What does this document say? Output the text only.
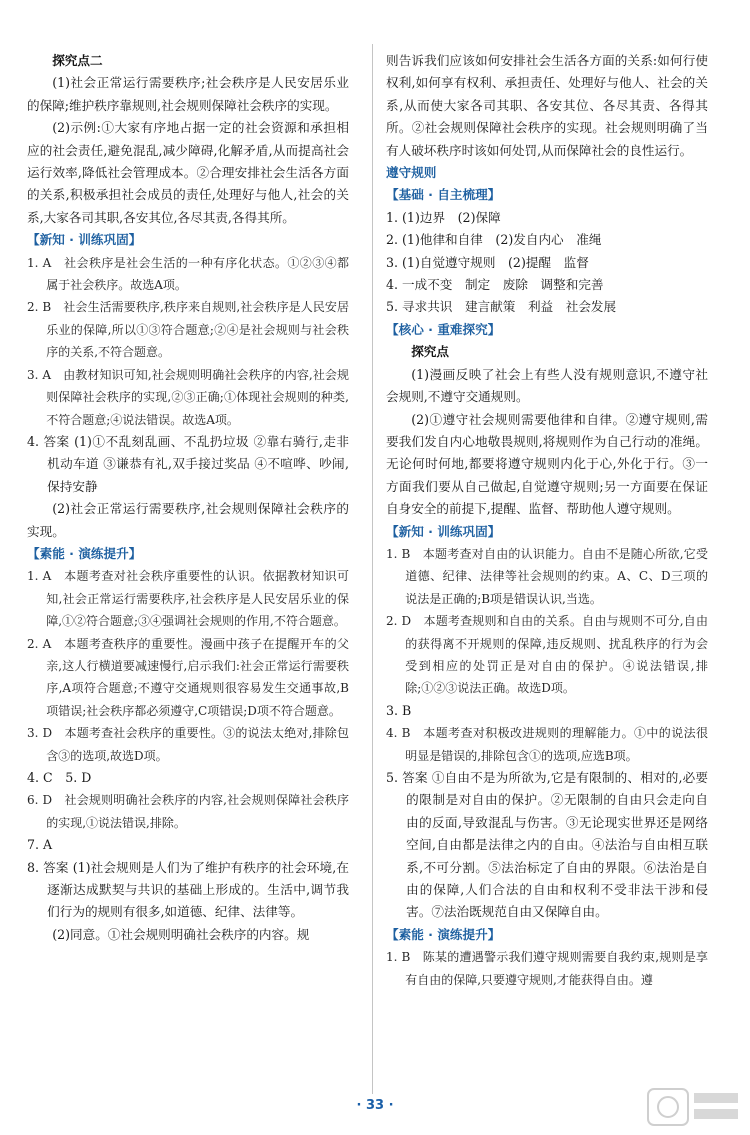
探究点二

(1)社会正常运行需要秩序;社会秩序是人民安居乐业的保障;维护秩序靠规则,社会规则保障社会秩序的实现。

(2)示例:①大家有序地占据一定的社会资源和承担相应的社会责任,避免混乱,减少障碍,化解矛盾,从而提高社会运行效率,降低社会管理成本。②合理安排社会生活各方面的关系,积极承担社会成员的责任,处理好与他人,社会的关系,大家各司其职,各安其位,各尽其责,各得其所。

【新知 · 训练巩固】

1. A　社会秩序是社会生活的一种有序化状态。①②③④都属于社会秩序。故选A项。

2. B　社会生活需要秩序,秩序来自规则,社会秩序是人民安居乐业的保障,所以①③符合题意;②④是社会规则与社会秩序的关系,不符合题意。

3. A　由教材知识可知,社会规则明确社会秩序的内容,社会规则保障社会秩序的实现,②③正确;①体现社会规则的种类,不符合题意;④说法错误。故选A项。

4. 答案 (1)①不乱刻乱画、不乱扔垃圾 ②靠右骑行,走非机动车道 ③谦恭有礼,双手接过奖品 ④不喧哗、吵闹,保持安静

(2)社会正常运行需要秩序,社会规则保障社会秩序的实现。

【素能 · 演练提升】

1. A　本题考查对社会秩序重要性的认识。依据教材知识可知,社会正常运行需要秩序,社会秩序是人民安居乐业的保障,①②符合题意;③④强调社会规则的作用,不符合题意。

2. A　本题考查秩序的重要性。漫画中孩子在提醒开车的父亲,这人行横道要减速慢行,启示我们:社会正常运行需要秩序,A项符合题意;不遵守交通规则很容易发生交通事故,B项错误;社会秩序都必须遵守,C项错误;D项不符合题意。

3. D　本题考查社会秩序的重要性。③的说法太绝对,排除包含③的选项,故选D项。

4. C　5. D

6. D　社会规则明确社会秩序的内容,社会规则保障社会秩序的实现,①说法错误,排除。

7. A

8. 答案 (1)社会规则是人们为了维护有秩序的社会环境,在逐渐达成默契与共识的基础上形成的。生活中,调节我们行为的规则有很多,如道德、纪律、法律等。

(2)同意。①社会规则明确社会秩序的内容。规

则告诉我们应该如何安排社会生活各方面的关系:如何行使权利,如何享有权利、承担责任、处理好与他人、社会的关系,从而使大家各司其职、各安其位、各尽其责、各得其所。②社会规则保障社会秩序的实现。社会规则明确了当有人破坏秩序时该如何处罚,从而保障社会的良性运行。

遵守规则

【基础 · 自主梳理】

1. (1)边界　(2)保障

2. (1)他律和自律　(2)发自内心　准绳

3. (1)自觉遵守规则　(2)提醒　监督

4. 一成不变　制定　废除　调整和完善

5. 寻求共识　建言献策　利益　社会发展

【核心 · 重难探究】

探究点

(1)漫画反映了社会上有些人没有规则意识,不遵守社会规则,不遵守交通规则。

(2)①遵守社会规则需要他律和自律。②遵守规则,需要我们发自内心地敬畏规则,将规则作为自己行动的准绳。无论何时何地,都要将遵守规则内化于心,外化于行。③一方面我们要从自己做起,自觉遵守规则;另一方面要在保证自身安全的前提下,提醒、监督、帮助他人遵守规则。

【新知 · 训练巩固】

1. B　本题考查对自由的认识能力。自由不是随心所欲,它受道德、纪律、法律等社会规则的约束。A、C、D三项的说法是正确的;B项是错误认识,当选。

2. D　本题考查规则和自由的关系。自由与规则不可分,自由的获得离不开规则的保障,违反规则、扰乱秩序的行为会受到相应的处罚正是对自由的保护。④说法错误,排除;①②③说法正确。故选D项。

3. B

4. B　本题考查对积极改进规则的理解能力。①中的说法很明显是错误的,排除包含①的选项,应选B项。

5. 答案 ①自由不是为所欲为,它是有限制的、相对的,必要的限制是对自由的保护。②无限制的自由只会走向自由的反面,导致混乱与伤害。③无论现实世界还是网络空间,自由都是法律之内的自由。④法治与自由相互联系,不可分割。⑤法治标定了自由的界限。⑥法治是自由的保障,人们合法的自由和权利不受非法干涉和侵害。⑦法治既规范自由又保障自由。

【素能 · 演练提升】

1. B　陈某的遭遇警示我们遵守规则需要自我约束,规则是享有自由的保障,只要遵守规则,才能获得自由。遵

· 33 ·
